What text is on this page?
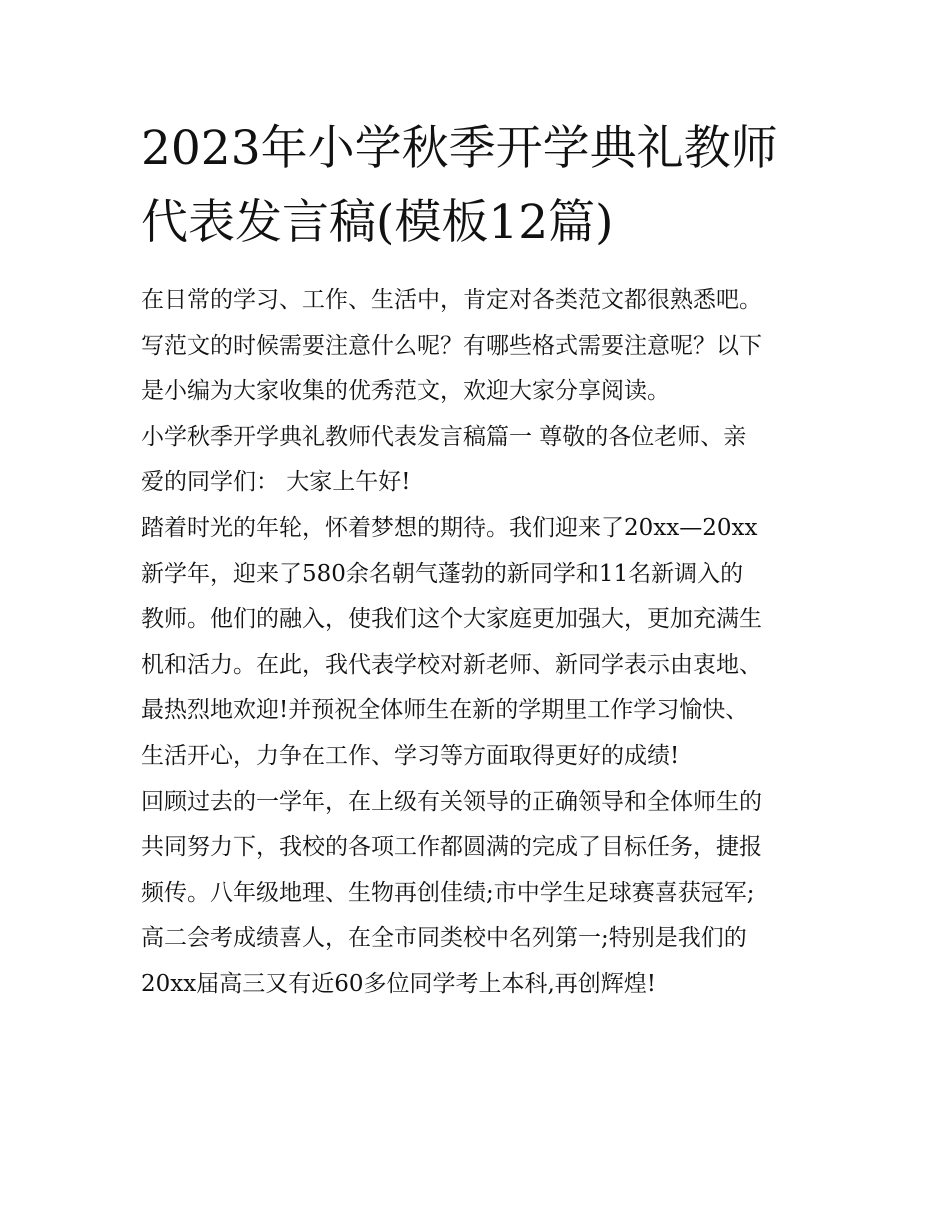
2023年小学秋季开学典礼教师
代表发言稿(模板12篇)
在日常的学习、工作、生活中，肯定对各类范文都很熟悉吧。
写范文的时候需要注意什么呢？有哪些格式需要注意呢？以下
是小编为大家收集的优秀范文，欢迎大家分享阅读。
小学秋季开学典礼教师代表发言稿篇一 尊敬的各位老师、亲
爱的同学们： 大家上午好!
踏着时光的年轮，怀着梦想的期待。我们迎来了20xx—20xx
新学年，迎来了580余名朝气蓬勃的新同学和11名新调入的
教师。他们的融入，使我们这个大家庭更加强大，更加充满生
机和活力。在此，我代表学校对新老师、新同学表示由衷地、
最热烈地欢迎!并预祝全体师生在新的学期里工作学习愉快、
生活开心，力争在工作、学习等方面取得更好的成绩!
回顾过去的一学年，在上级有关领导的正确领导和全体师生的
共同努力下，我校的各项工作都圆满的完成了目标任务，捷报
频传。八年级地理、生物再创佳绩;市中学生足球赛喜获冠军;
高二会考成绩喜人，在全市同类校中名列第一;特别是我们的
20xx届高三又有近60多位同学考上本科,再创辉煌!
